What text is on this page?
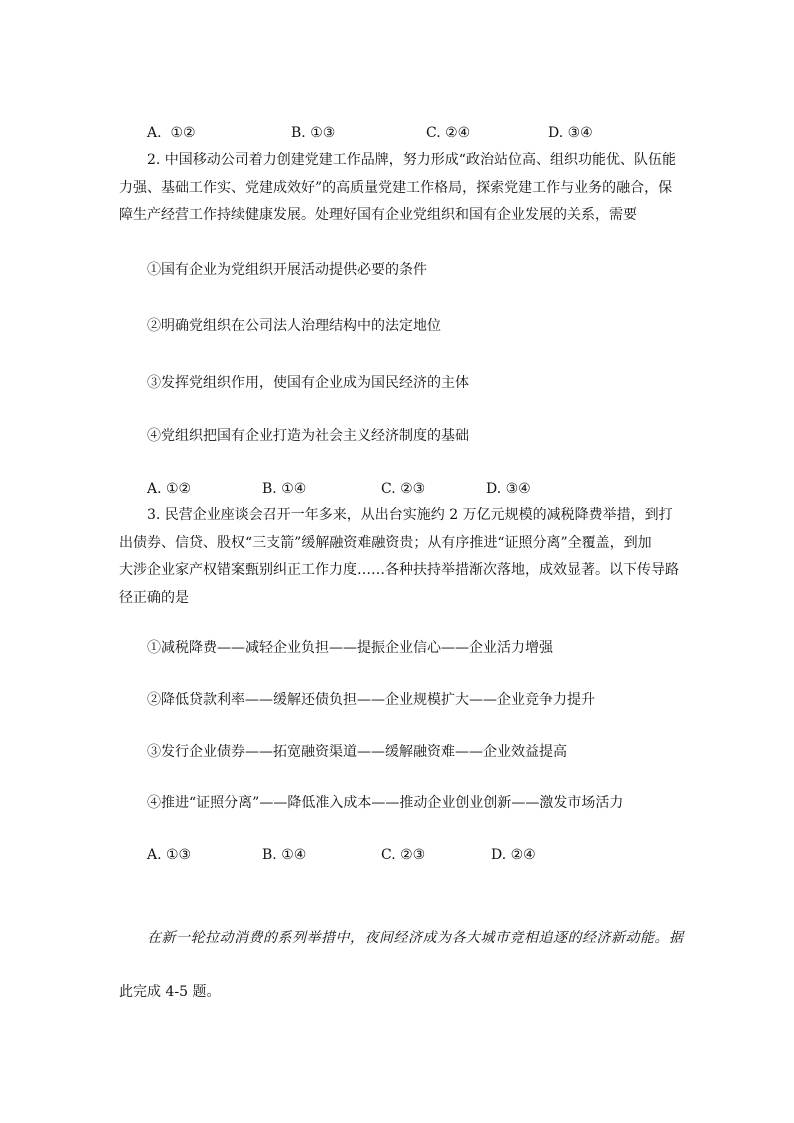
A.  ①②	B. ①③	C. ②④	D. ③④
2. 中国移动公司着力创建党建工作品牌，努力形成“政治站位高、组织功能优、队伍能
力强、基础工作实、党建成效好”的高质量党建工作格局，探索党建工作与业务的融合，保
障生产经营工作持续健康发展。处理好国有企业党组织和国有企业发展的关系，需要
①国有企业为党组织开展活动提供必要的条件
②明确党组织在公司法人治理结构中的法定地位
③发挥党组织作用，使国有企业成为国民经济的主体
④党组织把国有企业打造为社会主义经济制度的基础
A. ①②	B. ①④	C. ②③	D. ③④
3. 民营企业座谈会召开一年多来，从出台实施约 2 万亿元规模的减税降费举措，到打
出债券、信贷、股权“三支箭”缓解融资难融资贵；从有序推进“证照分离”全覆盖，到加
大涉企业家产权错案甄别纠正工作力度……各种扶持举措渐次落地，成效显著。以下传导路
径正确的是
①减税降费——减轻企业负担——提振企业信心——企业活力增强
②降低贷款利率——缓解还债负担——企业规模扩大——企业竞争力提升
③发行企业债券——拓宽融资渠道——缓解融资难——企业效益提高
④推进“证照分离”——降低准入成本——推动企业创业创新——激发市场活力
A. ①③	B. ①④	C. ②③	D. ②④
在新一轮拉动消费的系列举措中，夜间经济成为各大城市竞相追逐的经济新动能。据
此完成 4-5 题。
